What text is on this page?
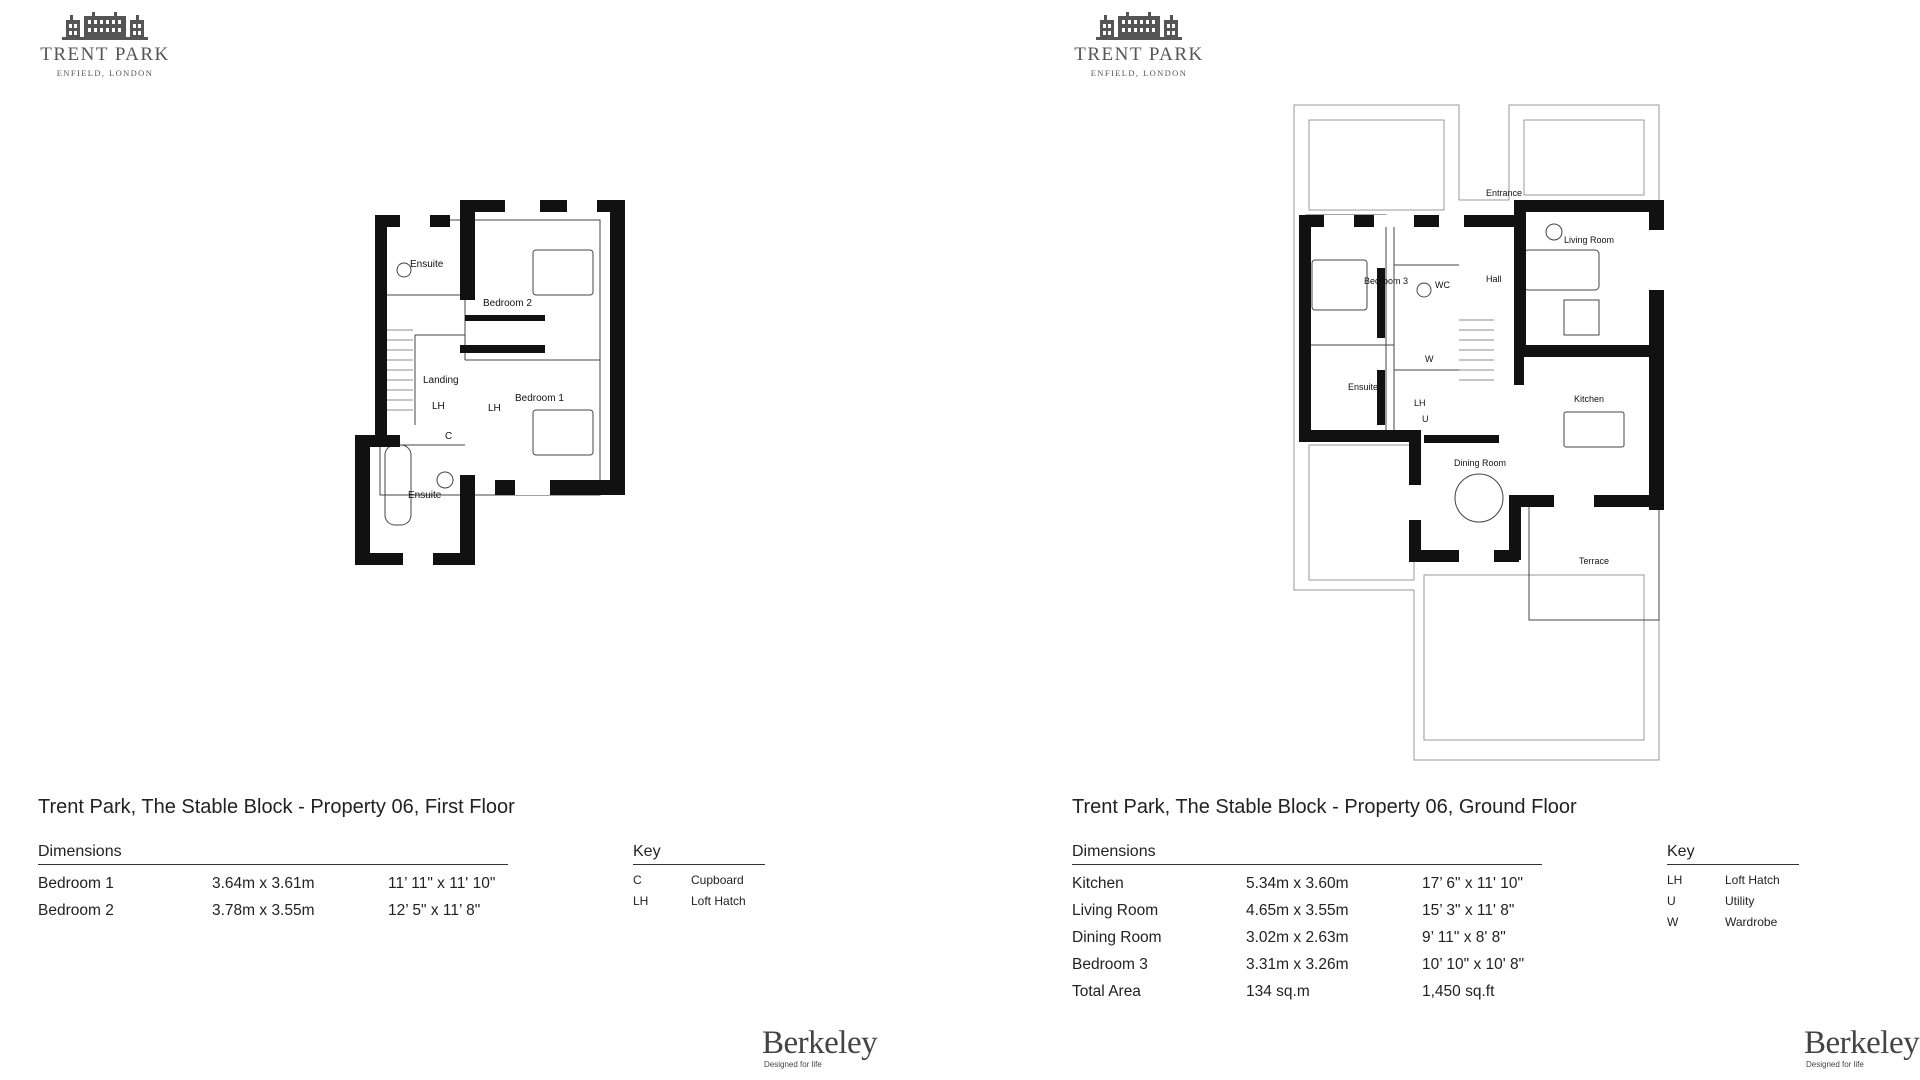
TRENT PARK
ENFIELD, LONDON
Ensuite
Bedroom 2
Landing
Bedroom 1
LH	LH
C
Ensuite
Trent Park, The Stable Block - Property 06, First Floor
Dimensions
Bedroom 1	3.64m x 3.61m	11’ 11" x 11' 10"
Bedroom 2	3.78m x 3.55m	12’ 5" x 11’ 8"
Key
C	Cupboard
LH	Loft Hatch
Berkeley
Designed for life
TRENT PARK
ENFIELD, LONDON
Entrance
Living Room
Bedroom 3	WC
Hall
W
Ensuite
LH
U
Kitchen
Dining Room
Terrace
Trent Park, The Stable Block - Property 06, Ground Floor
Dimensions
Kitchen	5.34m x 3.60m	17’ 6" x 11' 10"
Living Room	4.65m x 3.55m	15’ 3" x 11' 8"
Dining Room	3.02m x 2.63m	9’ 11" x 8' 8"
Bedroom 3	3.31m x 3.26m	10’ 10" x 10' 8"
Total Area	134 sq.m	1,450 sq.ft
Key
LH	Loft Hatch
U	Utility
W	Wardrobe
Berkeley
Designed for life
